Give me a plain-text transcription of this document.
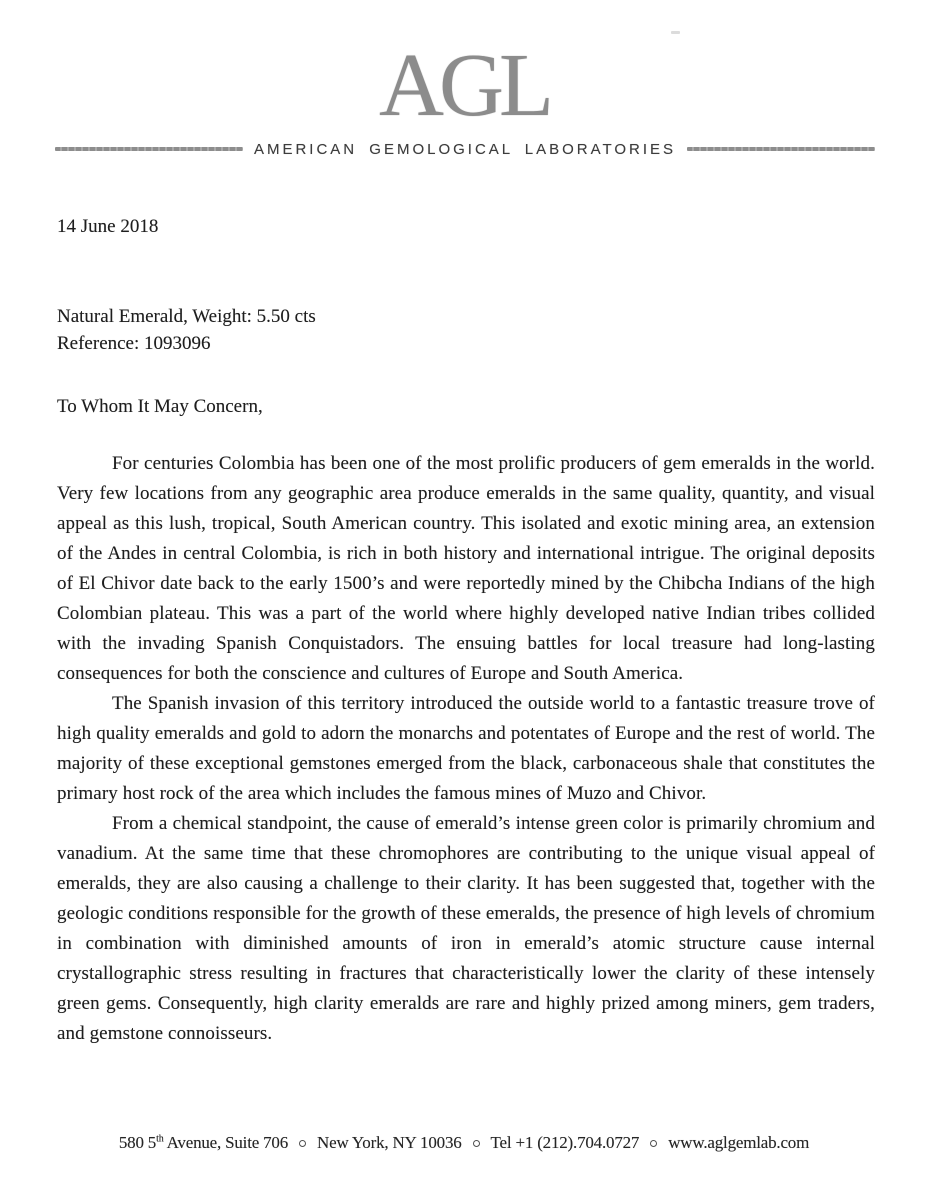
AGL
AMERICAN GEMOLOGICAL LABORATORIES
14 June 2018
Natural Emerald, Weight: 5.50 cts
Reference: 1093096
To Whom It May Concern,

For centuries Colombia has been one of the most prolific producers of gem emeralds in the world. Very few locations from any geographic area produce emeralds in the same quality, quantity, and visual appeal as this lush, tropical, South American country. This isolated and exotic mining area, an extension of the Andes in central Colombia, is rich in both history and international intrigue. The original deposits of El Chivor date back to the early 1500’s and were reportedly mined by the Chibcha Indians of the high Colombian plateau. This was a part of the world where highly developed native Indian tribes collided with the invading Spanish Conquistadors. The ensuing battles for local treasure had long-lasting consequences for both the conscience and cultures of Europe and South America.

The Spanish invasion of this territory introduced the outside world to a fantastic treasure trove of high quality emeralds and gold to adorn the monarchs and potentates of Europe and the rest of world. The majority of these exceptional gemstones emerged from the black, carbonaceous shale that constitutes the primary host rock of the area which includes the famous mines of Muzo and Chivor.

From a chemical standpoint, the cause of emerald’s intense green color is primarily chromium and vanadium. At the same time that these chromophores are contributing to the unique visual appeal of emeralds, they are also causing a challenge to their clarity. It has been suggested that, together with the geologic conditions responsible for the growth of these emeralds, the presence of high levels of chromium in combination with diminished amounts of iron in emerald’s atomic structure cause internal crystallographic stress resulting in fractures that characteristically lower the clarity of these intensely green gems. Consequently, high clarity emeralds are rare and highly prized among miners, gem traders, and gemstone connoisseurs.

580 5th Avenue, Suite 706 New York, NY 10036 Tel +1 (212).704.0727 www.aglgemlab.com
